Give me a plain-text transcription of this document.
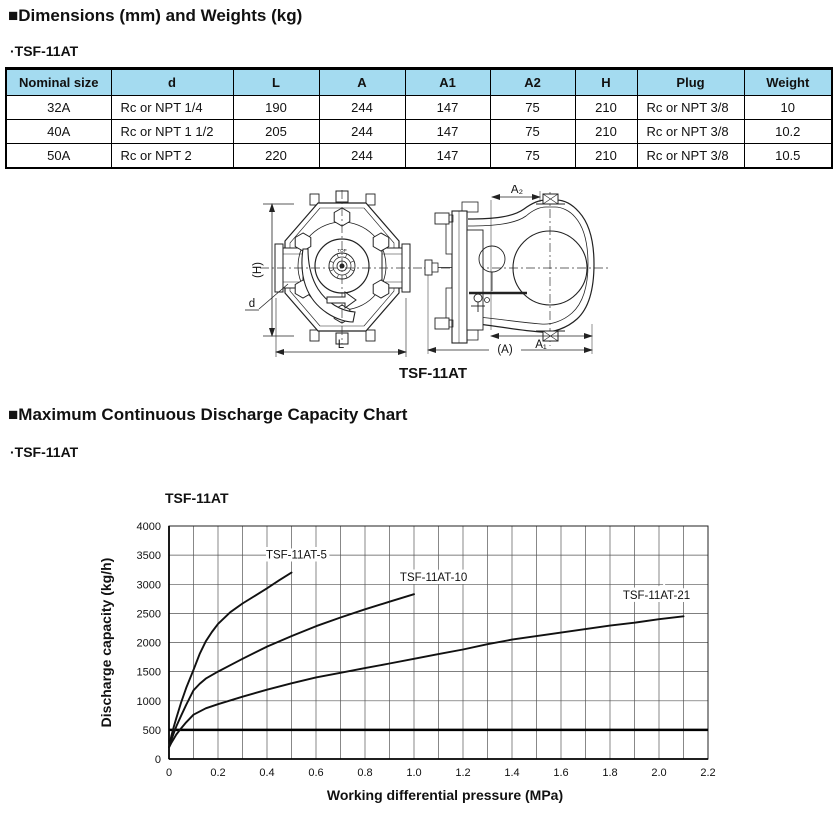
■Dimensions (mm) and Weights (kg)
·TSF-11AT
Nominal size	d	L	A	A1	A2	H	Plug	Weight
32A	Rc or NPT 1/4	190	244	147	75	210	Rc or NPT 3/8	10
40A	Rc or NPT 1 1/2	205	244	147	75	210	Rc or NPT 3/8	10.2
50A	Rc or NPT 2	220	244	147	75	210	Rc or NPT 3/8	10.5
TOP
(H)
d
L
A₂
A₁
(A)
TSF-11AT
■Maximum Continuous Discharge Capacity Chart
·TSF-11AT
TSF-11AT-5
TSF-11AT-10
TSF-11AT-21
0	0.2	0.4	0.6	0.8	1.0	1.2	1.4	1.6	1.8	2.0	2.2
0
500
1000
1500
2000
2500
3000
3500
4000
TSF-11AT
Discharge capacity (kg/h)
Working differential pressure (MPa)
